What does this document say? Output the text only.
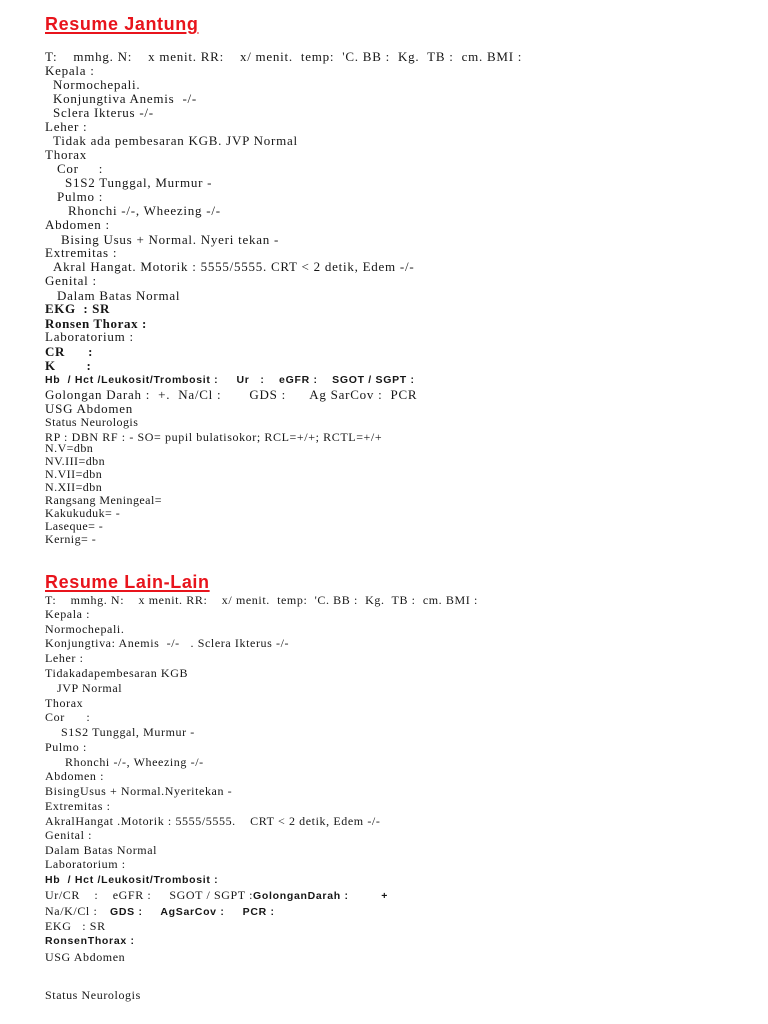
Resume Jantung
T:    mmhg. N:    x menit. RR:    x/ menit.  temp:  'C. BB :  Kg.  TB :  cm. BMI :
Kepala :
Normochepali.
Konjungtiva Anemis  -/-
Sclera Ikterus -/-
Leher :
Tidak ada pembesaran KGB. JVP Normal
Thorax
Cor     :
S1S2 Tunggal, Murmur -
Pulmo :
Rhonchi -/-, Wheezing -/-
Abdomen :
Bising Usus + Normal. Nyeri tekan -
Extremitas :
Akral Hangat. Motorik : 5555/5555. CRT < 2 detik, Edem -/-
Genital :
Dalam Batas Normal
EKG  : SR
Ronsen Thorax :
Laboratorium :
CR      :
K        :
Hb  / Hct /Leukosit/Trombosit :     Ur   :    eGFR :    SGOT / SGPT :
Golongan Darah :  +.  Na/Cl :       GDS :      Ag SarCov :  PCR
USG Abdomen
Status Neurologis
RP : DBN RF : - SO= pupil bulatisokor; RCL=+/+; RCTL=+/+
N.V=dbn
NV.III=dbn
N.VII=dbn
N.XII=dbn
Rangsang Meningeal=
Kakukuduk= -
Laseque= -
Kernig= -
Resume Lain-Lain
T:    mmhg. N:    x menit. RR:    x/ menit.  temp:  'C. BB :  Kg.  TB :  cm. BMI :
Kepala :
Normochepali.
Konjungtiva: Anemis  -/-   . Sclera Ikterus -/-
Leher :
Tidakadapembesaran KGB
JVP Normal
Thorax
Cor      :
S1S2 Tunggal, Murmur -
Pulmo :
Rhonchi -/-, Wheezing -/-
Abdomen :
BisingUsus + Normal.Nyeritekan -
Extremitas :
AkralHangat .Motorik : 5555/5555.    CRT < 2 detik, Edem -/-
Genital :
Dalam Batas Normal
Laboratorium :
Hb  / Hct /Leukosit/Trombosit :
Ur/CR    :    eGFR :     SGOT / SGPT : GolonganDarah :         +
Na/K/Cl : GDS :     AgSarCov :     PCR :
EKG   : SR
RonsenThorax :
USG Abdomen
Status Neurologis
